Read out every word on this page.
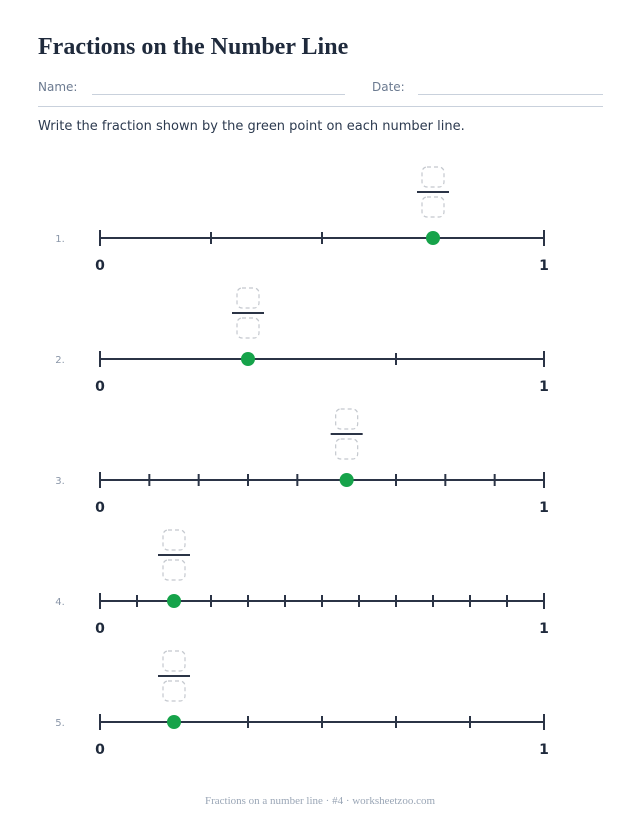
Fractions on the Number Line
Name:	Date:
Write the fraction shown by the green point on each number line.
1.
0	1
2.
0	1
3.
0	1
4.
0	1
5.
0	1
Fractions on a number line · #4 · worksheetzoo.com
